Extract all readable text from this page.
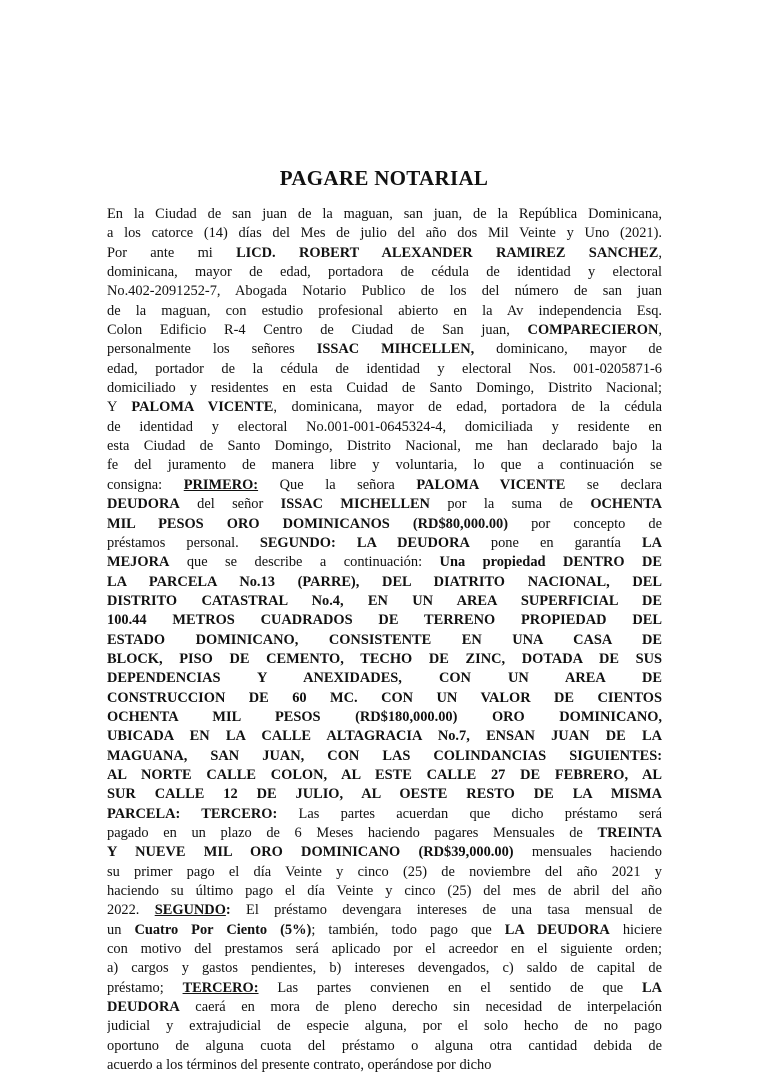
PAGARE NOTARIAL
En la Ciudad de san juan de la maguan, san juan, de la República Dominicana,
a los catorce (14) días del Mes de julio del año dos Mil Veinte y Uno (2021).
Por ante mi LICD. ROBERT ALEXANDER RAMIREZ SANCHEZ,
dominicana, mayor de edad, portadora de cédula de identidad y electoral
No.402-2091252-7, Abogada Notario Publico de los del número de san juan
de la maguan, con estudio profesional abierto en la Av independencia Esq.
Colon Edificio R-4 Centro de Ciudad de San juan, COMPARECIERON,
personalmente los señores ISSAC MIHCELLEN, dominicano, mayor de
edad, portador de la cédula de identidad y electoral Nos. 001-0205871-6
domiciliado y residentes en esta Cuidad de Santo Domingo, Distrito Nacional;
Y PALOMA VICENTE, dominicana, mayor de edad, portadora de la cédula
de identidad y electoral No.001-001-0645324-4, domiciliada y residente en
esta Ciudad de Santo Domingo, Distrito Nacional, me han declarado bajo la
fe del juramento de manera libre y voluntaria, lo que a continuación se
consigna: PRIMERO: Que la señora PALOMA VICENTE se declara
DEUDORA del señor ISSAC MICHELLEN por la suma de OCHENTA
MIL PESOS ORO DOMINICANOS (RD$80,000.00) por concepto de
préstamos personal. SEGUNDO: LA DEUDORA pone en garantía LA
MEJORA que se describe a continuación: Una propiedad DENTRO DE
LA PARCELA No.13 (PARRE), DEL DIATRITO NACIONAL, DEL
DISTRITO CATASTRAL No.4, EN UN AREA SUPERFICIAL DE
100.44 METROS CUADRADOS DE TERRENO PROPIEDAD DEL
ESTADO DOMINICANO, CONSISTENTE EN UNA CASA DE
BLOCK, PISO DE CEMENTO, TECHO DE ZINC, DOTADA DE SUS
DEPENDENCIAS Y ANEXIDADES, CON UN AREA DE
CONSTRUCCION DE 60 MC. CON UN VALOR DE CIENTOS
OCHENTA MIL PESOS (RD$180,000.00) ORO DOMINICANO,
UBICADA EN LA CALLE ALTAGRACIA No.7, ENSAN JUAN DE LA
MAGUANA, SAN JUAN, CON LAS COLINDANCIAS SIGUIENTES:
AL NORTE CALLE COLON, AL ESTE CALLE 27 DE FEBRERO, AL
SUR CALLE 12 DE JULIO, AL OESTE RESTO DE LA MISMA
PARCELA: TERCERO: Las partes acuerdan que dicho préstamo será
pagado en un plazo de 6 Meses haciendo pagares Mensuales de TREINTA
Y NUEVE MIL ORO DOMINICANO (RD$39,000.00) mensuales haciendo
su primer pago el día Veinte y cinco (25) de noviembre del año 2021 y
haciendo su último pago el día Veinte y cinco (25) del mes de abril del año
2022. SEGUNDO: El préstamo devengara intereses de una tasa mensual de
un Cuatro Por Ciento (5%); también, todo pago que LA DEUDORA hiciere
con motivo del prestamos será aplicado por el acreedor en el siguiente orden;
a) cargos y gastos pendientes, b) intereses devengados, c) saldo de capital de
préstamo; TERCERO: Las partes convienen en el sentido de que LA
DEUDORA caerá en mora de pleno derecho sin necesidad de interpelación
judicial y extrajudicial de especie alguna, por el solo hecho de no pago
oportuno de alguna cuota del préstamo o alguna otra cantidad debida de
acuerdo a los términos del presente contrato, operándose por dicho
